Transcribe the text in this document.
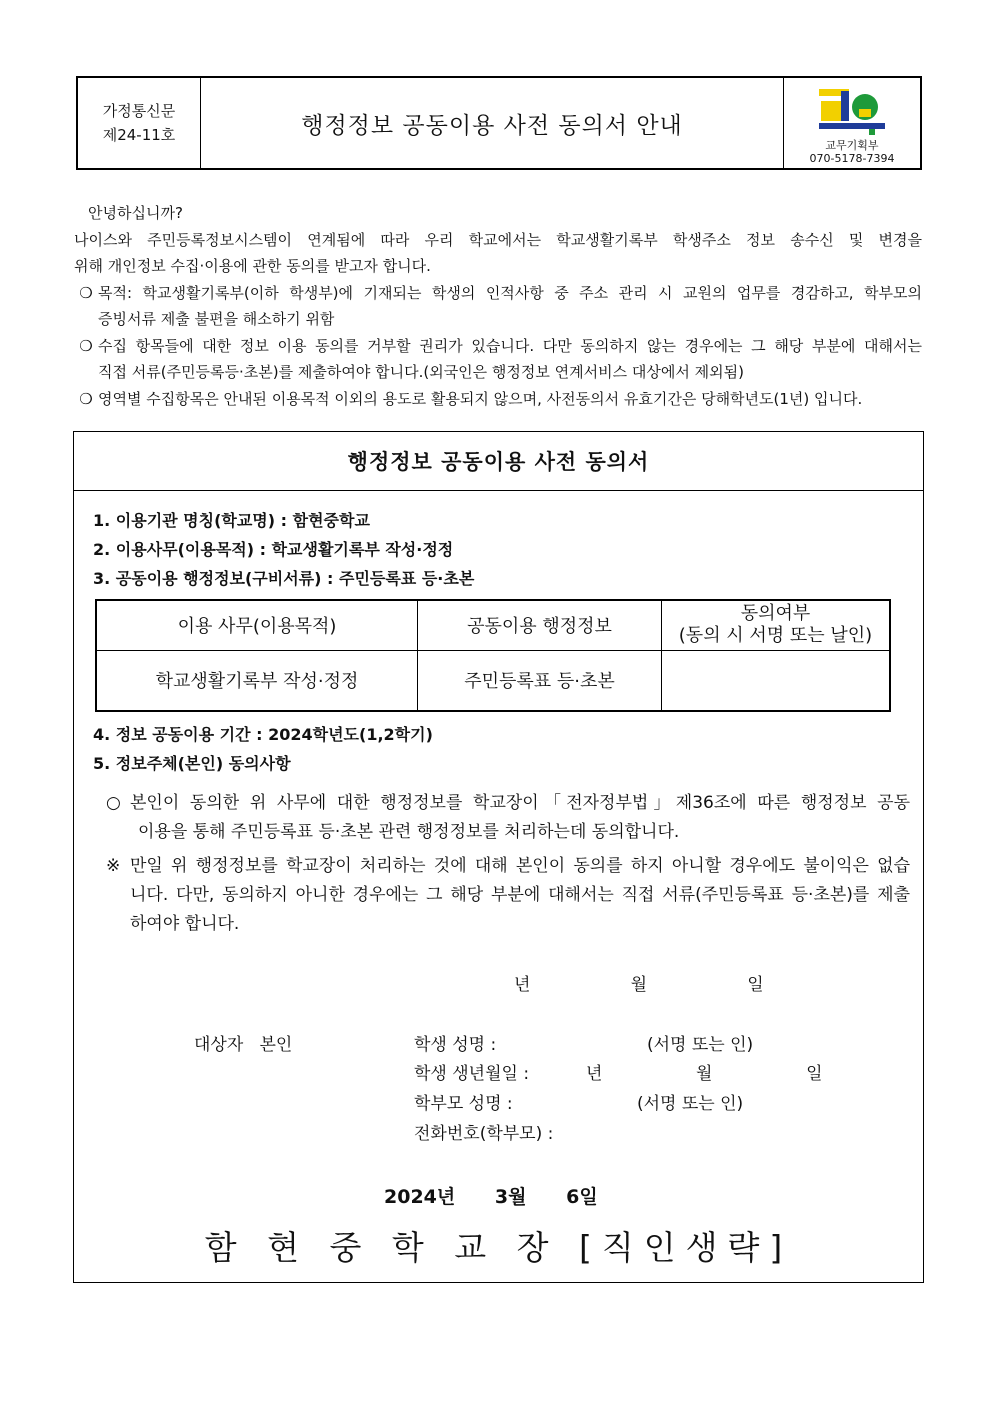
가정통신문
제24-11호	행정정보 공동이용 사전 동의서 안내
교무기획부
070-5178-7394

안녕하십니까?

나이스와 주민등록정보시스템이 연계됨에 따라 우리 학교에서는 학교생활기록부 학생주소 정보 송수신 및 변경을

위해 개인정보 수집·이용에 관한 동의를 받고자 합니다.

❍ 목적: 학교생활기록부(이하 학생부)에 기재되는 학생의 인적사항 중 주소 관리 시 교원의 업무를 경감하고, 학부모의

증빙서류 제출 불편을 해소하기 위함

❍ 수집 항목들에 대한 정보 이용 동의를 거부할 권리가 있습니다. 다만 동의하지 않는 경우에는 그 해당 부분에 대해서는

직접 서류(주민등록등·초본)를 제출하여야 합니다.(외국인은 행정정보 연계서비스 대상에서 제외됨)

❍ 영역별 수집항목은 안내된 이용목적 이외의 용도로 활용되지 않으며, 사전동의서 유효기간은 당해학년도(1년) 입니다.

행정정보 공동이용 사전 동의서
1. 이용기관 명칭(학교명) : 함현중학교
2. 이용사무(이용목적) : 학교생활기록부 작성·정정
3. 공동이용 행정정보(구비서류) : 주민등록표 등·초본
이용 사무(이용목적)	공동이용 행정정보	동의여부
(동의 시 서명 또는 날인)

학교생활기록부 작성·정정	주민등록표 등·초본	
4. 정보 공동이용 기간 : 2024학년도(1,2학기)
5. 정보주체(본인) 동의사항
○ 본인이 동의한 위 사무에 대한 행정정보를 학교장이「전자정부법」제36조에 따른 행정정보 공동
이용을 통해 주민등록표 등·초본 관련 행정정보를 처리하는데 동의합니다.
※ 만일 위 행정정보를 학교장이 처리하는 것에 대해 본인이 동의를 하지 아니할 경우에도 불이익은 없습
니다. 다만, 동의하지 아니한 경우에는 그 해당 부분에 대해서는 직접 서류(주민등록표 등·초본)를 제출
하여야 합니다.
년   월   일
대상자   본인	학생 성명 :	(서명 또는 인)
학생 생년월일 :	년    월    일
학부모 성명 :	(서명 또는 인)
전화번호(학부모) :
2024년      3월      6일
함 현 중 학 교 장 [직인생략]
